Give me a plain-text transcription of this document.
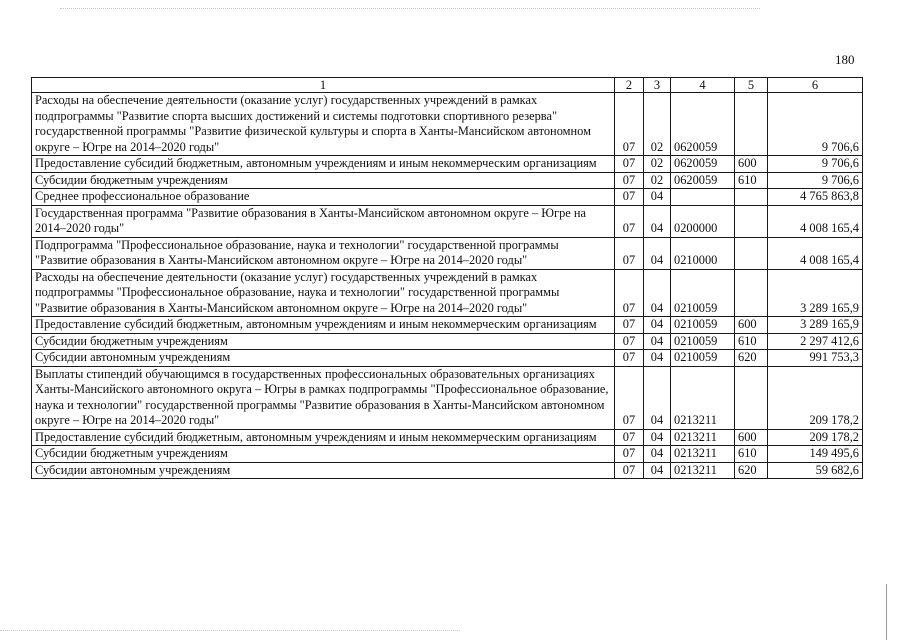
180
1	2	3	4	5	6
Расходы на обеспечение деятельности (оказание услуг) государственных учреждений в рамках подпрограммы "Развитие спорта высших достижений и системы подготовки спортивного резерва" государственной программы "Развитие физической культуры и спорта в Ханты-Мансийском автономном округе – Югре на 2014–2020 годы"	07	02	0620059		9 706,6
Предоставление субсидий бюджетным, автономным учреждениям и иным некоммерческим организациям	07	02	0620059	600	9 706,6
Субсидии бюджетным учреждениям	07	02	0620059	610	9 706,6
Среднее профессиональное образование	07	04			4 765 863,8
Государственная программа "Развитие образования в Ханты-Мансийском автономном округе – Югре на 2014–2020 годы"	07	04	0200000		4 008 165,4
Подпрограмма "Профессиональное образование, наука и технологии" государственной программы "Развитие образования в Ханты-Мансийском автономном округе – Югре на 2014–2020 годы"	07	04	0210000		4 008 165,4
Расходы на обеспечение деятельности (оказание услуг) государственных учреждений в рамках подпрограммы "Профессиональное образование, наука и технологии" государственной программы "Развитие образования в Ханты-Мансийском автономном округе – Югре на 2014–2020 годы"	07	04	0210059		3 289 165,9
Предоставление субсидий бюджетным, автономным учреждениям и иным некоммерческим организациям	07	04	0210059	600	3 289 165,9
Субсидии бюджетным учреждениям	07	04	0210059	610	2 297 412,6
Субсидии автономным учреждениям	07	04	0210059	620	991 753,3
Выплаты стипендий обучающимся в государственных профессиональных образовательных организациях Ханты-Мансийского автономного округа – Югры в рамках подпрограммы "Профессиональное образование, наука и технологии" государственной программы "Развитие образования в Ханты-Мансийском автономном округе – Югре на 2014–2020 годы"	07	04	0213211		209 178,2
Предоставление субсидий бюджетным, автономным учреждениям и иным некоммерческим организациям	07	04	0213211	600	209 178,2
Субсидии бюджетным учреждениям	07	04	0213211	610	149 495,6
Субсидии автономным учреждениям	07	04	0213211	620	59 682,6
